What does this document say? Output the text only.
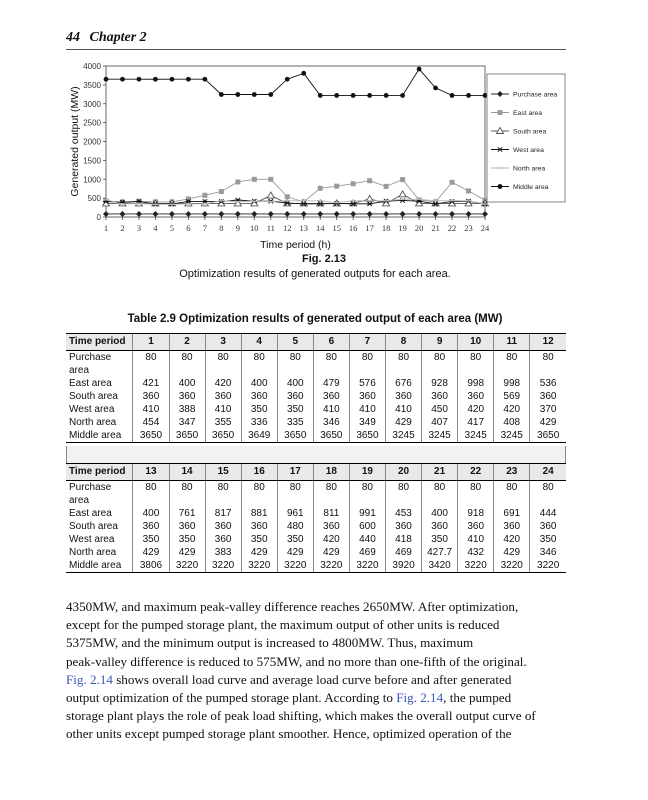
44 Chapter 2
0
500
1000
1500
2000
2500
3000
3500
4000
1 2 3 4 5 6 7 8 9 10 11 12 13 14 15 16 17 18 19 20 21 22 23 24
Time period (h)
Generated output (MW)	Purchase area
East area
South area
West area
North area
Middle area
Fig. 2.13
Optimization results of generated outputs for each area.
Table 2.9 Optimization results of generated output of each area (MW)
Time period	1	2	3	4	5	6	7	8	9	10	11	12
Purchase area	80	80	80	80	80	80	80	80	80	80	80	80
East area	421	400	420	400	400	479	576	676	928	998	998	536
South area	360	360	360	360	360	360	360	360	360	360	569	360
West area	410	388	410	350	350	410	410	410	450	420	420	370
North area	454	347	355	336	335	346	349	429	407	417	408	429
Middle area	3650	3650	3650	3649	3650	3650	3650	3245	3245	3245	3245	3650
Time period	13	14	15	16	17	18	19	20	21	22	23	24
Purchase area	80	80	80	80	80	80	80	80	80	80	80	80
East area	400	761	817	881	961	811	991	453	400	918	691	444
South area	360	360	360	360	480	360	600	360	360	360	360	360
West area	350	350	360	350	350	420	440	418	350	410	420	350
North area	429	429	383	429	429	429	469	469	427.7	432	429	346
Middle area	3806	3220	3220	3220	3220	3220	3220	3920	3420	3220	3220	3220
4350MW, and maximum peak-valley difference reaches 2650MW. After optimization,
except for the pumped storage plant, the maximum output of other units is reduced
5375MW, and the minimum output is increased to 4800MW. Thus, maximum
peak-valley difference is reduced to 575MW, and no more than one-fifth of the original.
Fig. 2.14 shows overall load curve and average load curve before and after generated
output optimization of the pumped storage plant. According to Fig. 2.14, the pumped
storage plant plays the role of peak load shifting, which makes the overall output curve of
other units except pumped storage plant smoother. Hence, optimized operation of the
